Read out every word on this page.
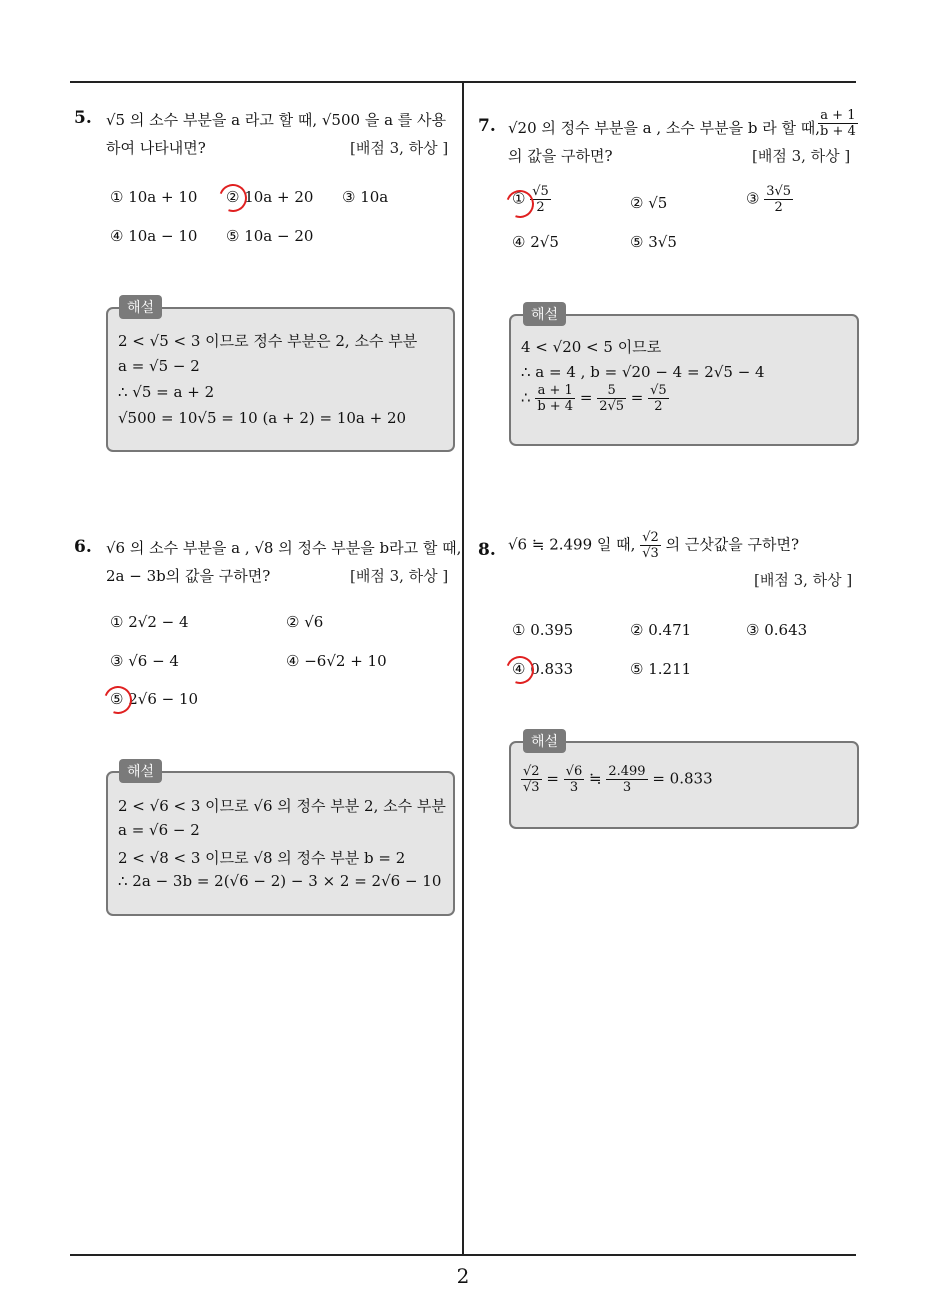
2
5. √5 의 소수 부분을 a 라고 할 때, √500 을 a 를 사용
하여 나타내면?	[배점 3, 하상 ]
① 10a + 10 ② 10a + 20 ③ 10a
④ 10a − 10 ⑤ 10a − 20
해설
2 < √5 < 3 이므로 정수 부분은 2, 소수 부분
a = √5 − 2
∴ √5 = a + 2
√500 = 10√5 = 10 (a + 2) = 10a + 20
6. √6 의 소수 부분을 a , √8 의 정수 부분을 b라고 할 때,
2a − 3b의 값을 구하면?	[배점 3, 하상 ]
① 2√2 − 4	② √6
③ √6 − 4	④ −6√2 + 10
⑤ 2√6 − 10
해설
2 < √6 < 3 이므로 √6 의 정수 부분 2, 소수 부분
a = √6 − 2
2 < √8 < 3 이므로 √8 의 정수 부분 b = 2
∴ 2a − 3b = 2(√6 − 2) − 3 × 2 = 2√6 − 10
7. √20 의 정수 부분을 a , 소수 부분을 b 라 할 때,
$\frac{a + 1}{b + 4}$
의 값을 구하면?	[배점 3, 하상 ]
① $\frac{√5}{2}$	② √5	③ $\frac{3√5}{2}$
④ 2√5	⑤ 3√5
해설
4 < √20 < 5 이므로
∴ a = 4 , b = √20 − 4 = 2√5 − 4
∴ $\frac{a + 1}{b + 4} = \frac{5}{2√5} = \frac{√5}{2}$
8. √6 ≒ 2.499 일 때, $\frac{√2}{√3}$ 의 근삿값을 구하면?
[배점 3, 하상 ]
① 0.395	② 0.471	③ 0.643
④ 0.833	⑤ 1.211
해설
$\frac{√2}{√3} = \frac{√6}{3}$ ≒ $\frac{2.499}{3} = 0.833$
